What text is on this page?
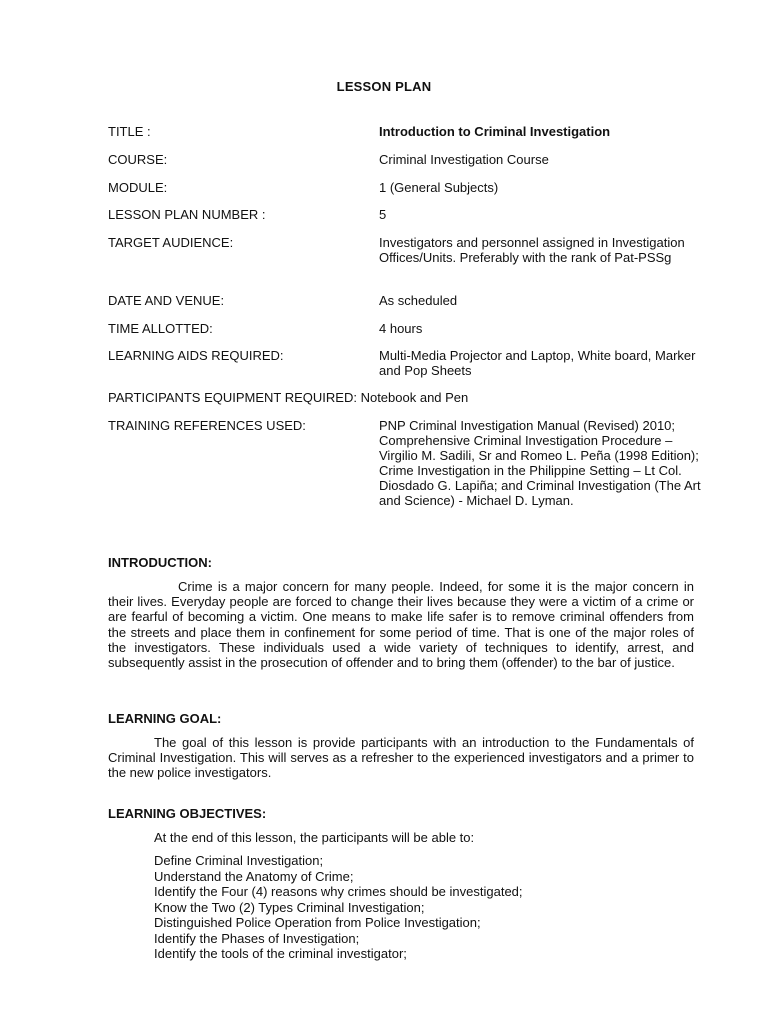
LESSON PLAN
TITLE :	Introduction to Criminal Investigation
COURSE:	Criminal Investigation Course
MODULE:	1 (General Subjects)
LESSON PLAN NUMBER :	5
TARGET AUDIENCE:	Investigators and personnel assigned in Investigation Offices/Units. Preferably with the rank of Pat-PSSg
DATE AND VENUE:	As scheduled
TIME ALLOTTED:	4 hours
LEARNING AIDS REQUIRED:	Multi-Media Projector and Laptop, White board, Marker and Pop Sheets
PARTICIPANTS EQUIPMENT REQUIRED: Notebook and Pen
TRAINING REFERENCES USED:	PNP Criminal Investigation Manual (Revised) 2010; Comprehensive Criminal Investigation Procedure – Virgilio M. Sadili, Sr and Romeo L. Peña (1998 Edition); Crime Investigation in the Philippine Setting – Lt Col. Diosdado G. Lapiña; and Criminal Investigation (The Art and Science) - Michael D. Lyman.
INTRODUCTION:
Crime is a major concern for many people. Indeed, for some it is the major concern in their lives. Everyday people are forced to change their lives because they were a victim of a crime or are fearful of becoming a victim. One means to make life safer is to remove criminal offenders from the streets and place them in confinement for some period of time. That is one of the major roles of the investigators. These individuals used a wide variety of techniques to identify, arrest, and subsequently assist in the prosecution of offender and to bring them (offender) to the bar of justice.
LEARNING GOAL:
The goal of this lesson is provide participants with an introduction to the Fundamentals of Criminal Investigation. This will serves as a refresher to the experienced investigators and a primer to the new police investigators.
LEARNING OBJECTIVES:
At the end of this lesson, the participants will be able to:
Define Criminal Investigation;
Understand the Anatomy of Crime;
Identify the Four (4) reasons why crimes should be investigated;
Know the Two (2) Types Criminal Investigation;
Distinguished Police Operation from Police Investigation;
Identify the Phases of Investigation;
Identify the tools of the criminal investigator;
